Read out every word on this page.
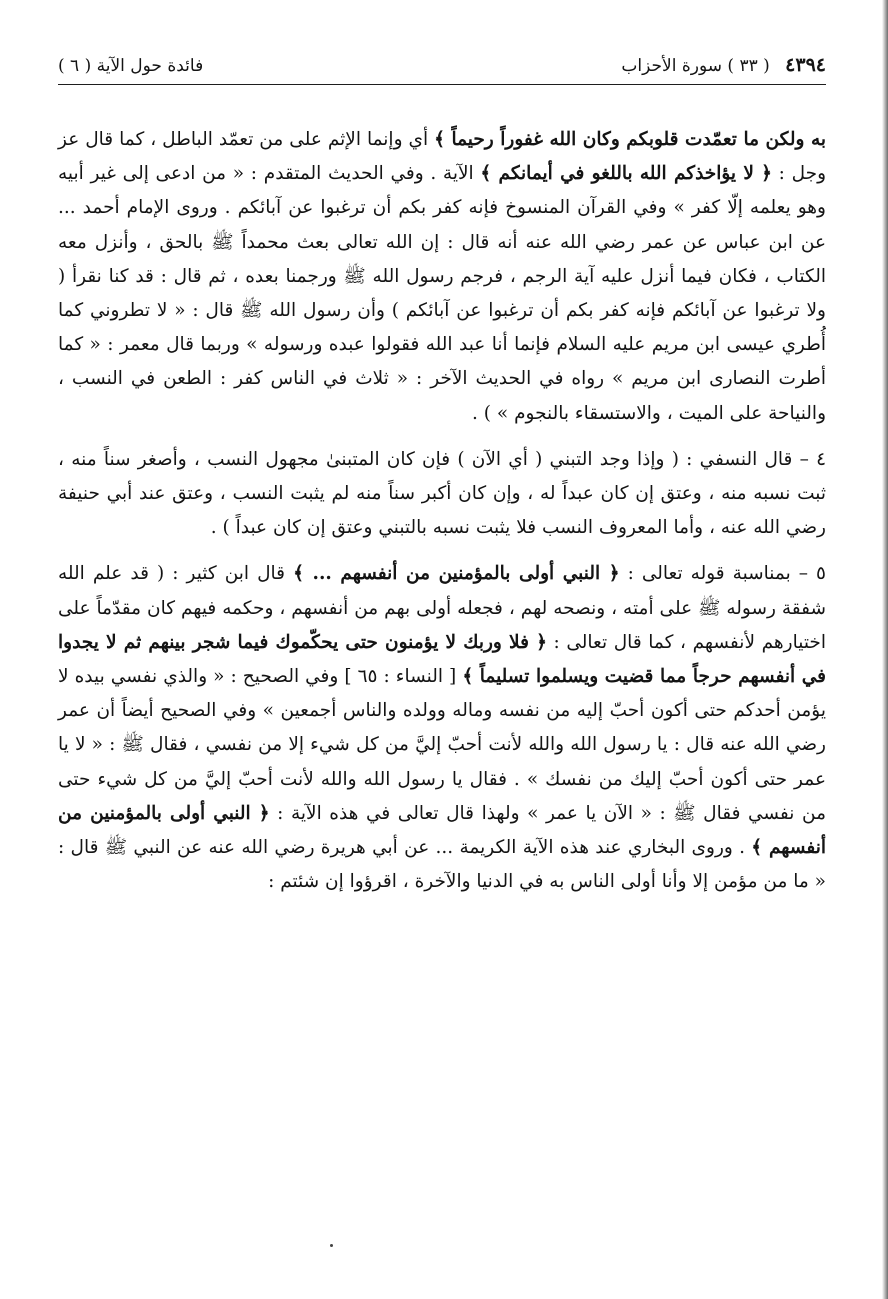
٤٣٩٤ ( ٣٣ ) سورة الأحزاب
فائدة حول الآية ( ٦ )

به ولكن ما تعمّدت قلوبكم وكان الله غفوراً رحيماً ﴾ أي وإنما الإثم على من تعمّد الباطل ، كما قال عز وجل : ﴿ لا يؤاخذكم الله باللغو في أيمانكم ﴾ الآية . وفي الحديث المتقدم : « من ادعى إلى غير أبيه وهو يعلمه إلّا كفر » وفي القرآن المنسوخ فإنه كفر بكم أن ترغبوا عن آبائكم . وروى الإمام أحمد ... عن ابن عباس عن عمر رضي الله عنه أنه قال : إن الله تعالى بعث محمداً ﷺ بالحق ، وأنزل معه الكتاب ، فكان فيما أنزل عليه آية الرجم ، فرجم رسول الله ﷺ ورجمنا بعده ، ثم قال : قد كنا نقرأ ( ولا ترغبوا عن آبائكم فإنه كفر بكم أن ترغبوا عن آبائكم ) وأن رسول الله ﷺ قال : « لا تطروني كما أُطري عيسى ابن مريم عليه السلام فإنما أنا عبد الله فقولوا عبده ورسوله » وربما قال معمر : « كما أطرت النصارى ابن مريم » رواه في الحديث الآخر : « ثلاث في الناس كفر : الطعن في النسب ، والنياحة على الميت ، والاستسقاء بالنجوم » ) .

٤ – قال النسفي : ( وإذا وجد التبني ( أي الآن ) فإن كان المتبنىٰ مجهول النسب ، وأصغر سناً منه ، ثبت نسبه منه ، وعتق إن كان عبداً له ، وإن كان أكبر سناً منه لم يثبت النسب ، وعتق عند أبي حنيفة رضي الله عنه ، وأما المعروف النسب فلا يثبت نسبه بالتبني وعتق إن كان عبداً ) .

٥ – بمناسبة قوله تعالى : ﴿ النبي أولى بالمؤمنين من أنفسهم ... ﴾ قال ابن كثير : ( قد علم الله شفقة رسوله ﷺ على أمته ، ونصحه لهم ، فجعله أولى بهم من أنفسهم ، وحكمه فيهم كان مقدّماً على اختيارهم لأنفسهم ، كما قال تعالى : ﴿ فلا وربك لا يؤمنون حتى يحكّموك فيما شجر بينهم ثم لا يجدوا في أنفسهم حرجاً مما قضيت ويسلموا تسليماً ﴾ [ النساء : ٦٥ ] وفي الصحيح : « والذي نفسي بيده لا يؤمن أحدكم حتى أكون أحبّ إليه من نفسه وماله وولده والناس أجمعين » وفي الصحيح أيضاً أن عمر رضي الله عنه قال : يا رسول الله والله لأنت أحبّ إليَّ من كل شيء إلا من نفسي ، فقال ﷺ : « لا يا عمر حتى أكون أحبّ إليك من نفسك » . فقال يا رسول الله والله لأنت أحبّ إليَّ من كل شيء حتى من نفسي فقال ﷺ : « الآن يا عمر » ولهذا قال تعالى في هذه الآية : ﴿ النبي أولى بالمؤمنين من أنفسهم ﴾ . وروى البخاري عند هذه الآية الكريمة ... عن أبي هريرة رضي الله عنه عن النبي ﷺ قال : « ما من مؤمن إلا وأنا أولى الناس به في الدنيا والآخرة ، اقرؤوا إن شئتم :
